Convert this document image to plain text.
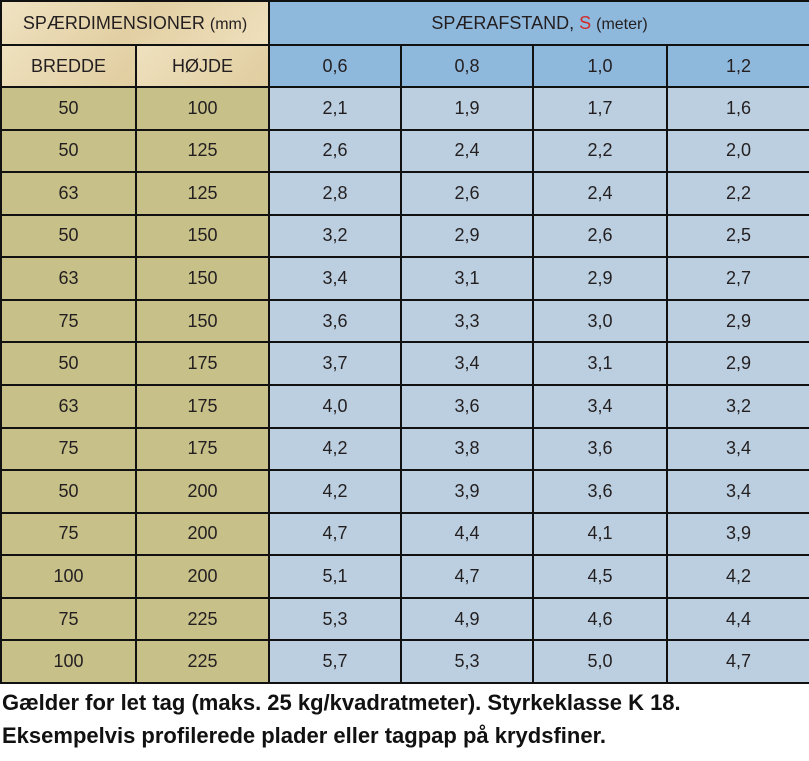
SPÆRDIMENSIONER (mm)		SPÆRAFSTAND, S (meter)			
BREDDE	HØJDE	0,6	0,8	1,0	1,2
50	100	2,1	1,9	1,7	1,6
50	125	2,6	2,4	2,2	2,0
63	125	2,8	2,6	2,4	2,2
50	150	3,2	2,9	2,6	2,5
63	150	3,4	3,1	2,9	2,7
75	150	3,6	3,3	3,0	2,9
50	175	3,7	3,4	3,1	2,9
63	175	4,0	3,6	3,4	3,2
75	175	4,2	3,8	3,6	3,4
50	200	4,2	3,9	3,6	3,4
75	200	4,7	4,4	4,1	3,9
100	200	5,1	4,7	4,5	4,2
75	225	5,3	4,9	4,6	4,4
100	225	5,7	5,3	5,0	4,7

Gælder for let tag (maks. 25 kg/kvadratmeter). Styrkeklasse K 18. Eksempelvis profilerede plader eller tagpap på krydsfiner.
